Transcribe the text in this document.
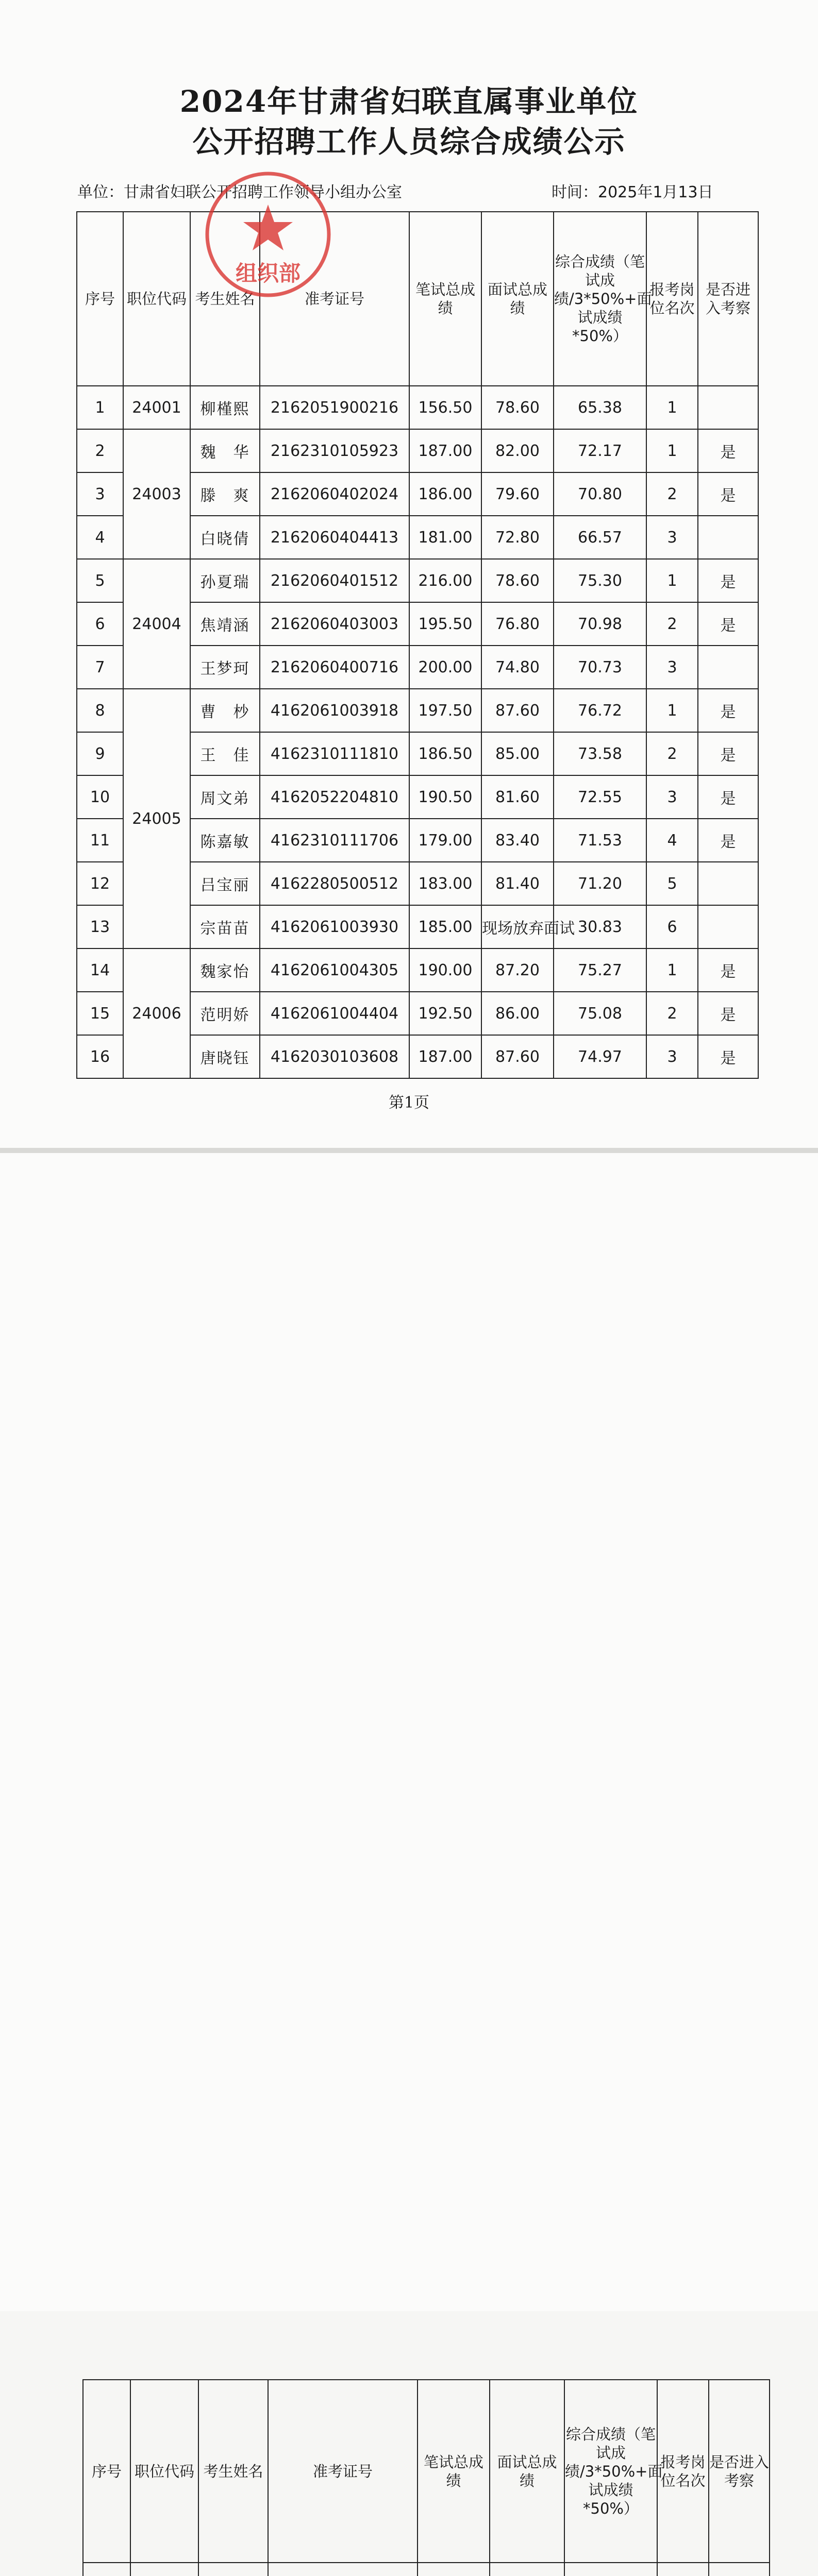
2024年甘肃省妇联直属事业单位
公开招聘工作人员综合成绩公示
单位：甘肃省妇联公开招聘工作领导小组办公室	时间：2025年1月13日
序号	职位代码	考生姓名	准考证号	笔试总成绩	面试总成绩	综合成绩（笔试成绩/3*50%+面试成绩*50%）	报考岗位名次	是否进入考察
1	24001	柳槿熙	2162051900216	156.50	78.60	65.38	1	
2	24003	魏　华	2162310105923	187.00	82.00	72.17	1	是
3		滕　爽	2162060402024	186.00	79.60	70.80	2	是
4		白晓倩	2162060404413	181.00	72.80	66.57	3	
5	24004	孙夏瑞	2162060401512	216.00	78.60	75.30	1	是
6		焦靖涵	2162060403003	195.50	76.80	70.98	2	是
7		王梦珂	2162060400716	200.00	74.80	70.73	3	
8	24005	曹　杪	4162061003918	197.50	87.60	76.72	1	是
9		王　佳	4162310111810	186.50	85.00	73.58	2	是
10		周文弟	4162052204810	190.50	81.60	72.55	3	是
11		陈嘉敏	4162310111706	179.00	83.40	71.53	4	是
12		吕宝丽	4162280500512	183.00	81.40	71.20	5	
13		宗苗苗	4162061003930	185.00	现场放弃面试	30.83	6	
14	24006	魏家怡	4162061004305	190.00	87.20	75.27	1	是
15		范明娇	4162061004404	192.50	86.00	75.08	2	是
16		唐晓钰	4162030103608	187.00	87.60	74.97	3	是
组织部
第1页
序号	职位代码	考生姓名	准考证号	笔试总成绩	面试总成绩	综合成绩（笔试成绩/3*50%+面试成绩*50%）	报考岗位名次	是否进入考察
